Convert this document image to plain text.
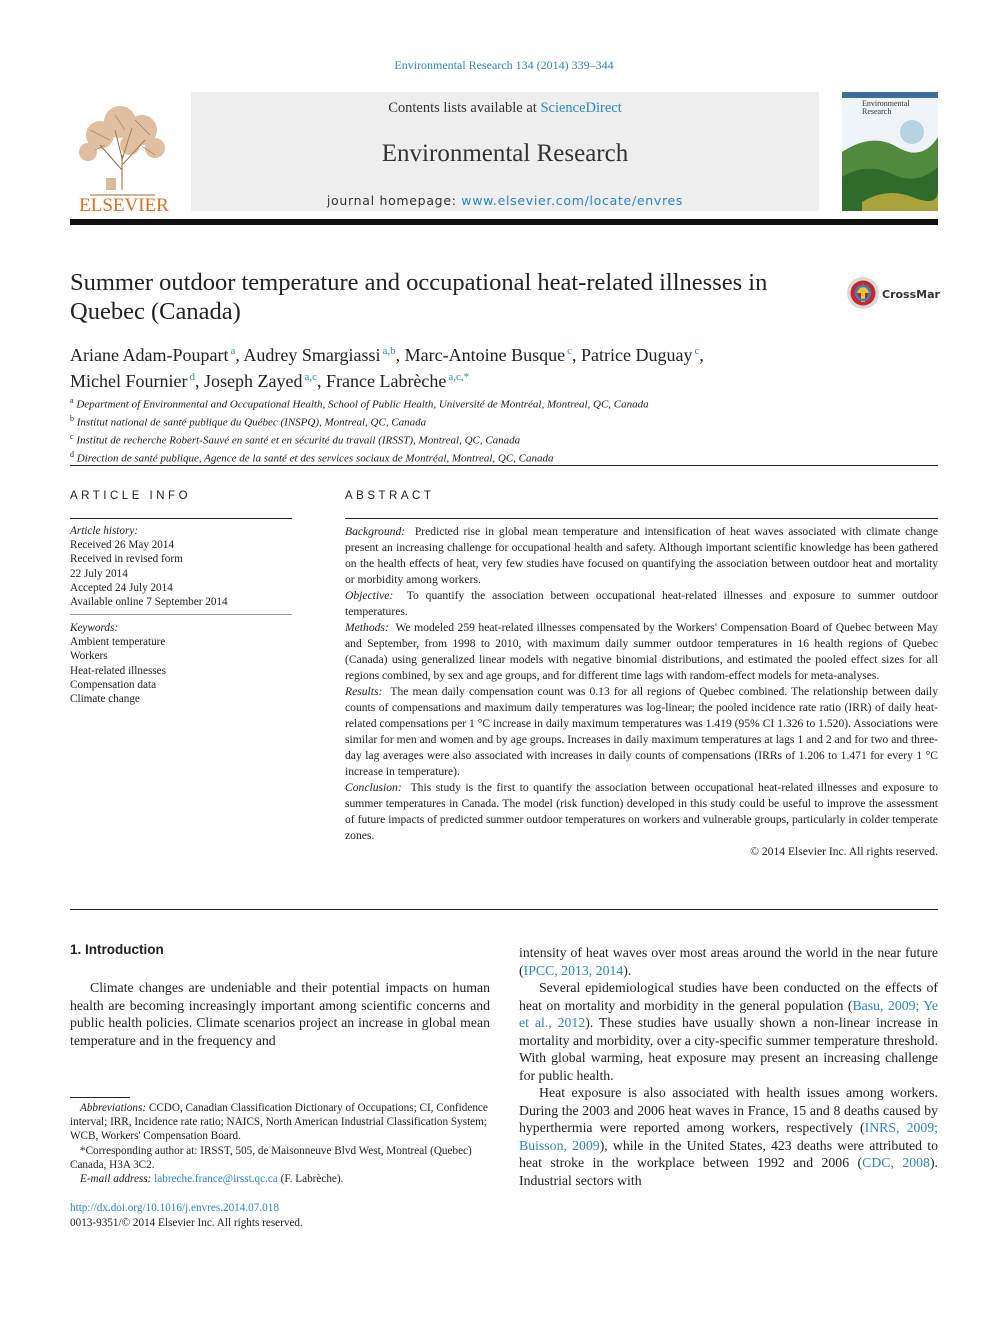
Environmental Research 134 (2014) 339–344
ELSEVIER
Contents lists available at ScienceDirect
Environmental Research
journal homepage: www.elsevier.com/locate/envres
Environmental
Research
Summer outdoor temperature and occupational heat-related illnesses in Quebec (Canada)
CrossMark
Ariane Adam-Poupart $^a$, Audrey Smargiassi $^{a,b}$, Marc-Antoine Busque $^c$, Patrice Duguay $^c$,
Michel Fournier $^d$, Joseph Zayed $^{a,c}$, France Labrèche $^{a,c,*}$
$^a$ Department of Environmental and Occupational Health, School of Public Health, Université de Montréal, Montreal, QC, Canada
$^b$ Institut national de santé publique du Québec (INSPQ), Montreal, QC, Canada
$^c$ Institut de recherche Robert-Sauvé en santé et en sécurité du travail (IRSST), Montreal, QC, Canada
$^d$ Direction de santé publique, Agence de la santé et des services sociaux de Montréal, Montreal, QC, Canada
ARTICLE INFO
Article history:
Received 26 May 2014
Received in revised form
22 July 2014
Accepted 24 July 2014
Available online 7 September 2014
Keywords:
Ambient temperature
Workers
Heat-related illnesses
Compensation data
Climate change
ABSTRACT

Background: Predicted rise in global mean temperature and intensification of heat waves associated with climate change present an increasing challenge for occupational health and safety. Although important scientific knowledge has been gathered on the health effects of heat, very few studies have focused on quantifying the association between outdoor heat and mortality or morbidity among workers.

Objective: To quantify the association between occupational heat-related illnesses and exposure to summer outdoor temperatures.

Methods: We modeled 259 heat-related illnesses compensated by the Workers' Compensation Board of Quebec between May and September, from 1998 to 2010, with maximum daily summer outdoor temperatures in 16 health regions of Quebec (Canada) using generalized linear models with negative binomial distributions, and estimated the pooled effect sizes for all regions combined, by sex and age groups, and for different time lags with random-effect models for meta-analyses.

Results: The mean daily compensation count was 0.13 for all regions of Quebec combined. The relationship between daily counts of compensations and maximum daily temperatures was log-linear; the pooled incidence rate ratio (IRR) of daily heat-related compensations per 1 °C increase in daily maximum temperatures was 1.419 (95% CI 1.326 to 1.520). Associations were similar for men and women and by age groups. Increases in daily maximum temperatures at lags 1 and 2 and for two and three-day lag averages were also associated with increases in daily counts of compensations (IRRs of 1.206 to 1.471 for every 1 °C increase in temperature).

Conclusion: This study is the first to quantify the association between occupational heat-related illnesses and exposure to summer temperatures in Canada. The model (risk function) developed in this study could be useful to improve the assessment of future impacts of predicted summer outdoor temperatures on workers and vulnerable groups, particularly in colder temperate zones.

© 2014 Elsevier Inc. All rights reserved.

1. Introduction

Climate changes are undeniable and their potential impacts on human health are becoming increasingly important among scientific concerns and public health policies. Climate scenarios project an increase in global mean temperature and in the frequency and

intensity of heat waves over most areas around the world in the near future (IPCC, 2013, 2014).

Several epidemiological studies have been conducted on the effects of heat on mortality and morbidity in the general population (Basu, 2009; Ye et al., 2012). These studies have usually shown a non-linear increase in mortality and morbidity, over a city-specific summer temperature threshold. With global warming, heat exposure may present an increasing challenge for public health.

Heat exposure is also associated with health issues among workers. During the 2003 and 2006 heat waves in France, 15 and 8 deaths caused by hyperthermia were reported among workers, respectively (INRS, 2009; Buisson, 2009), while in the United States, 423 deaths were attributed to heat stroke in the workplace between 1992 and 2006 (CDC, 2008). Industrial sectors with

Abbreviations: CCDO, Canadian Classification Dictionary of Occupations; CI, Confidence interval; IRR, Incidence rate ratio; NAICS, North American Industrial Classification System; WCB, Workers' Compensation Board.

*Corresponding author at: IRSST, 505, de Maisonneuve Blvd West, Montreal (Quebec) Canada, H3A 3C2.

E-mail address: labreche.france@irsst.qc.ca (F. Labrèche).

http://dx.doi.org/10.1016/j.envres.2014.07.018
0013-9351/© 2014 Elsevier Inc. All rights reserved.
